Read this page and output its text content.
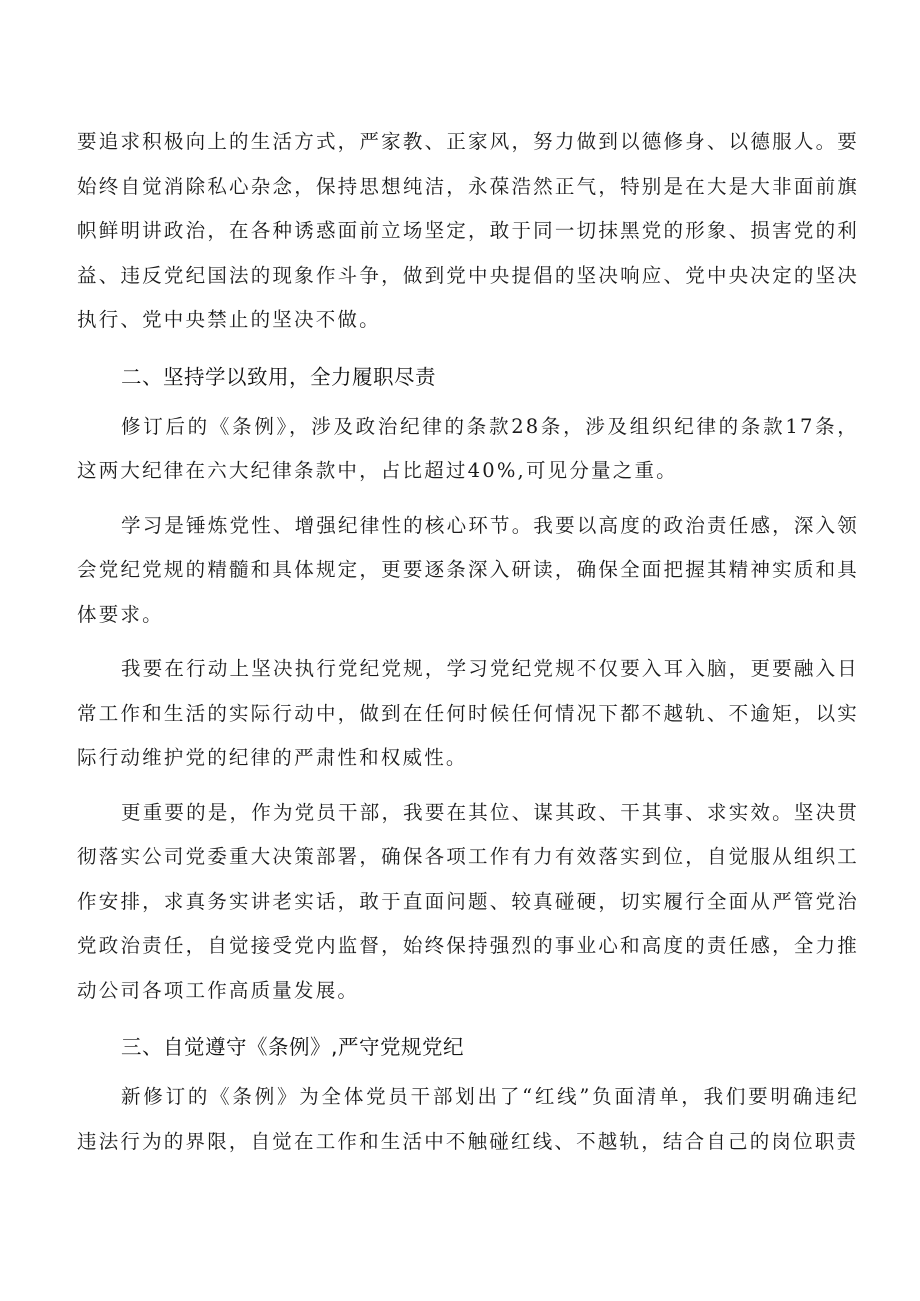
要追求积极向上的生活方式，严家教、正家风，努力做到以德修身、以德服人。要始终自觉消除私心杂念，保持思想纯洁，永葆浩然正气，特别是在大是大非面前旗帜鲜明讲政治，在各种诱惑面前立场坚定，敢于同一切抹黑党的形象、损害党的利益、违反党纪国法的现象作斗争，做到党中央提倡的坚决响应、党中央决定的坚决执行、党中央禁止的坚决不做。

二、坚持学以致用，全力履职尽责

修订后的《条例》，涉及政治纪律的条款28条，涉及组织纪律的条款17条，这两大纪律在六大纪律条款中，占比超过40%,可见分量之重。

学习是锤炼党性、增强纪律性的核心环节。我要以高度的政治责任感，深入领会党纪党规的精髓和具体规定，更要逐条深入研读，确保全面把握其精神实质和具体要求。

我要在行动上坚决执行党纪党规，学习党纪党规不仅要入耳入脑，更要融入日常工作和生活的实际行动中，做到在任何时候任何情况下都不越轨、不逾矩，以实际行动维护党的纪律的严肃性和权威性。

更重要的是，作为党员干部，我要在其位、谋其政、干其事、求实效。坚决贯彻落实公司党委重大决策部署，确保各项工作有力有效落实到位，自觉服从组织工作安排，求真务实讲老实话，敢于直面问题、较真碰硬，切实履行全面从严管党治党政治责任，自觉接受党内监督，始终保持强烈的事业心和高度的责任感，全力推动公司各项工作高质量发展。

三、自觉遵守《条例》,严守党规党纪

新修订的《条例》为全体党员干部划出了“红线”负面清单，我们要明确违纪违法行为的界限，自觉在工作和生活中不触碰红线、不越轨，结合自己的岗位职责
